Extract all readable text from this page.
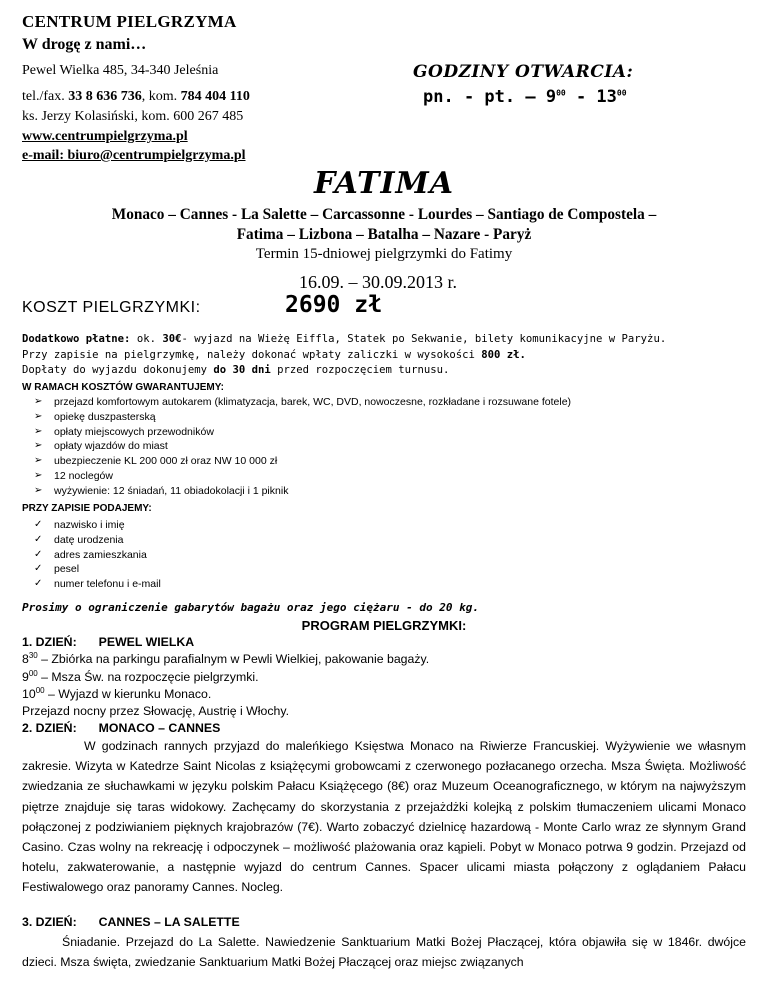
CENTRUM PIELGRZYMA
W drogę z nami…
Pewel Wielka 485, 34-340 Jeleśnia
tel./fax. 33 8 636 736, kom. 784 404 110
ks. Jerzy Kolasiński, kom. 600 267 485
www.centrumpielgrzyma.pl
e-mail: biuro@centrumpielgrzyma.pl
GODZINY OTWARCIA:
pn. - pt. – $9^{00} - 13^{00}$
FATIMA
Monaco – Cannes - La Salette – Carcassonne - Lourdes – Santiago de Compostela –
Fatima – Lizbona – Batalha – Nazare - Paryż
Termin 15-dniowej pielgrzymki do Fatimy
16.09. – 30.09.2013 r.
KOSZT PIELGRZYMKI:	2690 zł
Dodatkowo płatne: ok. 30€- wyjazd na Wieżę Eiffla, Statek po Sekwanie, bilety komunikacyjne w Paryżu.
Przy zapisie na pielgrzymkę, należy dokonać wpłaty zaliczki w wysokości 800 zł.
Dopłaty do wyjazdu dokonujemy do 30 dni przed rozpoczęciem turnusu.
W RAMACH KOSZTÓW GWARANTUJEMY:
➢ przejazd komfortowym autokarem (klimatyzacja, barek, WC, DVD, nowoczesne, rozkładane i rozsuwane fotele)
➢ opiekę duszpasterską
➢ opłaty miejscowych przewodników
➢ opłaty wjazdów do miast
➢ ubezpieczenie KL 200 000 zł oraz NW 10 000 zł
➢ 12 noclegów
➢ wyżywienie: 12 śniadań, 11 obiadokolacji i 1 piknik
PRZY ZAPISIE PODAJEMY:
✓ nazwisko i imię
✓ datę urodzenia
✓ adres zamieszkania
✓ pesel
✓ numer telefonu i e-mail
Prosimy o ograniczenie gabarytów bagażu oraz jego ciężaru - do 20 kg.
PROGRAM PIELGRZYMKI:
1. DZIEŃ: PEWEL WIELKA
$8^{30}$ – Zbiórka na parkingu parafialnym w Pewli Wielkiej, pakowanie bagaży.
$9^{00}$ – Msza Św. na rozpoczęcie pielgrzymki.
$10^{00}$ – Wyjazd w kierunku Monaco.
Przejazd nocny przez Słowację, Austrię i Włochy.
2. DZIEŃ: MONACO – CANNES
W godzinach rannych przyjazd do maleńkiego Księstwa Monaco na Riwierze Francuskiej. Wyżywienie we własnym zakresie. Wizyta w Katedrze Saint Nicolas z książęcymi grobowcami z czerwonego pozłacanego orzecha. Msza Święta. Możliwość zwiedzania ze słuchawkami w języku polskim Pałacu Książęcego (8€) oraz Muzeum Oceanograficznego, w którym na najwyższym piętrze znajduje się taras widokowy. Zachęcamy do skorzystania z przejażdżki kolejką z polskim tłumaczeniem ulicami Monaco połączonej z podziwianiem pięknych krajobrazów (7€). Warto zobaczyć dzielnicę hazardową - Monte Carlo wraz ze słynnym Grand Casino. Czas wolny na rekreację i odpoczynek – możliwość plażowania oraz kąpieli. Pobyt w Monaco potrwa 9 godzin. Przejazd od hotelu, zakwaterowanie, a następnie wyjazd do centrum Cannes. Spacer ulicami miasta połączony z oglądaniem Pałacu Festiwalowego oraz panoramy Cannes. Nocleg.
3. DZIEŃ: CANNES – LA SALETTE
Śniadanie. Przejazd do La Salette. Nawiedzenie Sanktuarium Matki Bożej Płaczącej, która objawiła się w 1846r. dwójce dzieci. Msza święta, zwiedzanie Sanktuarium Matki Bożej Płaczącej oraz miejsc związanych
